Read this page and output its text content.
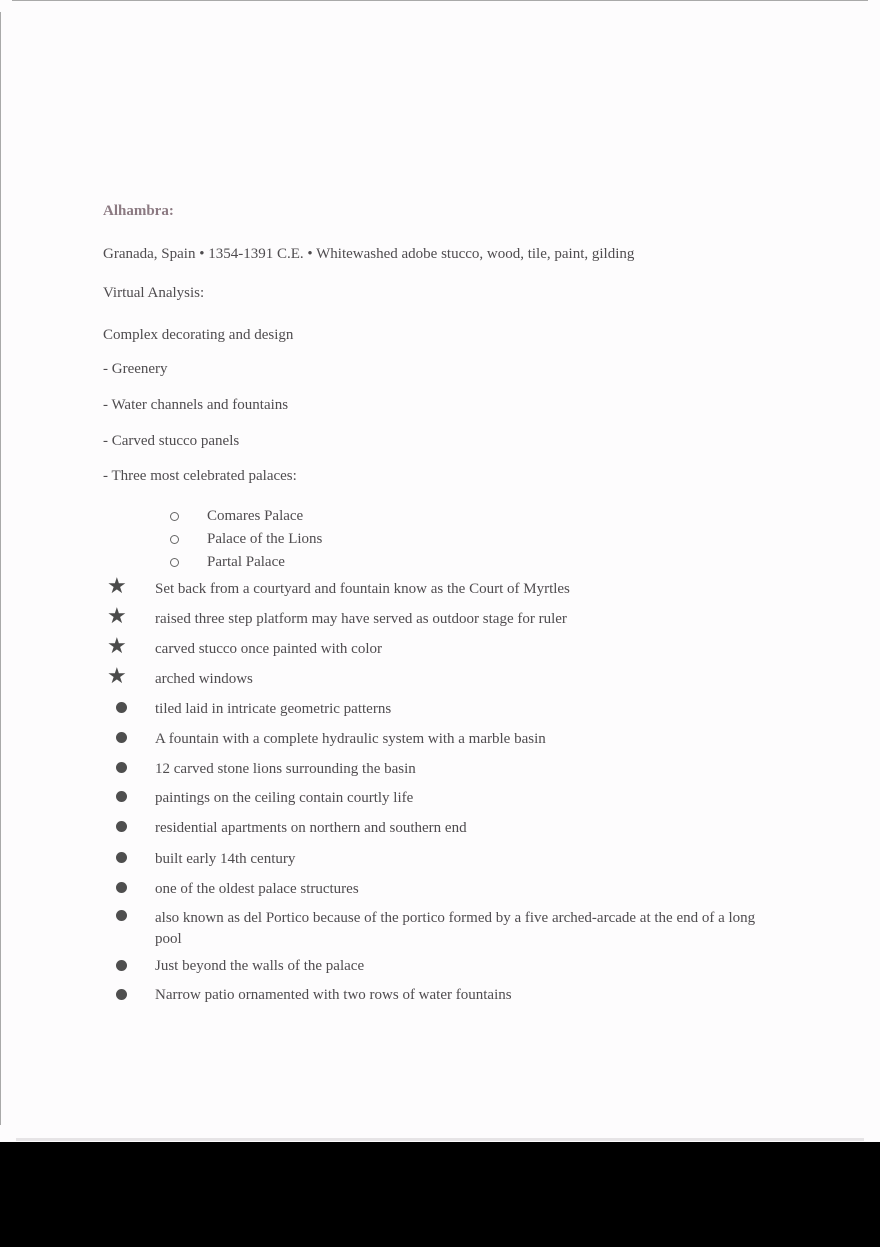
Alhambra:
Granada, Spain • 1354-1391 C.E. • Whitewashed adobe stucco, wood, tile, paint, gilding
Virtual Analysis:
Complex decorating and design
- Greenery
- Water channels and fountains
- Carved stucco panels
- Three most celebrated palaces:
Comares Palace
Palace of the Lions
Partal Palace
★ Set back from a courtyard and fountain know as the Court of Myrtles
★ raised three step platform may have served as outdoor stage for ruler
★ carved stucco once painted with color
★ arched windows
tiled laid in intricate geometric patterns
A fountain with a complete hydraulic system with a marble basin
12 carved stone lions surrounding the basin
paintings on the ceiling contain courtly life
residential apartments on northern and southern end
built early 14th century
one of the oldest palace structures
also known as del Portico because of the portico formed by a five arched-arcade at the end of a long pool
Just beyond the walls of the palace
Narrow patio ornamented with two rows of water fountains
